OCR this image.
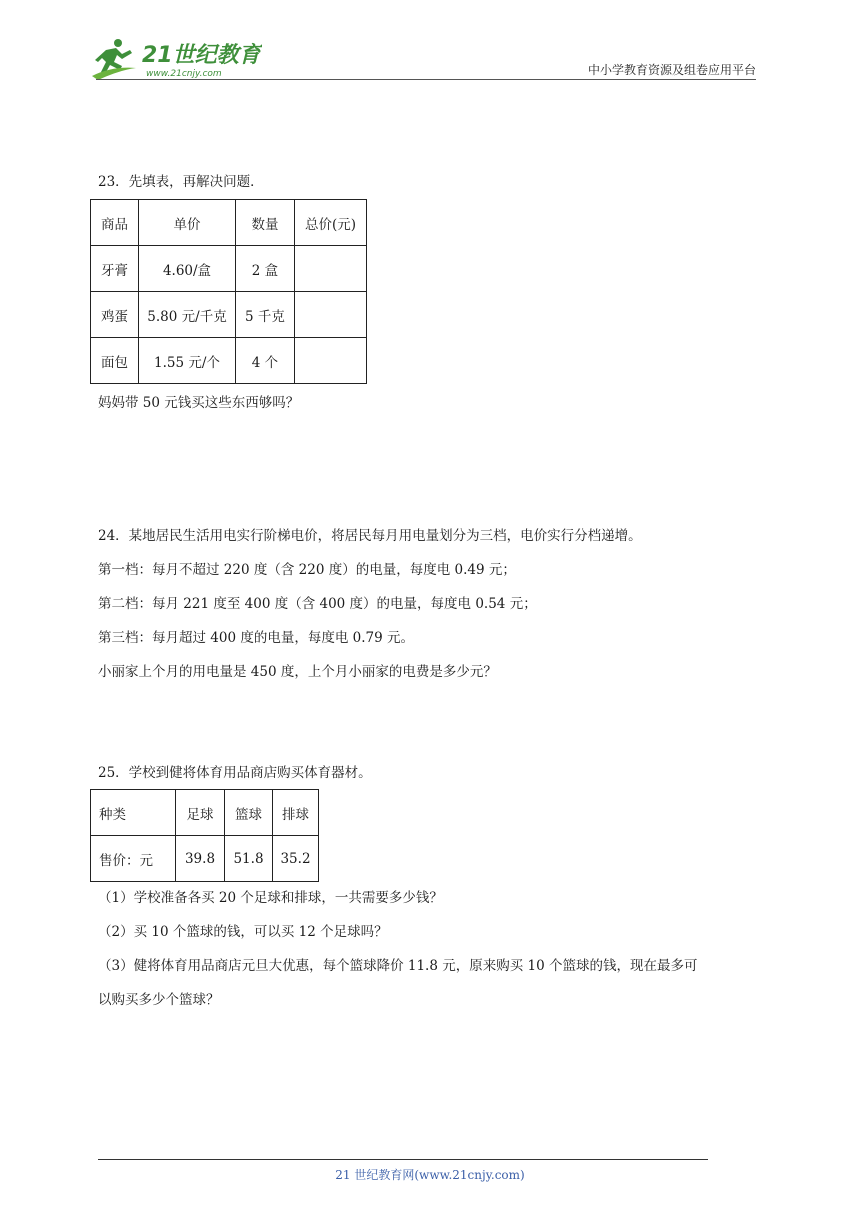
21世纪教育
www.21cnjy.com	中小学教育资源及组卷应用平台
23．先填表，再解决问题．
商品	单价	数量	总价(元)
牙膏	4.60/盒	2 盒	
鸡蛋	5.80 元/千克	5 千克	
面包	1.55 元/个	4 个	
妈妈带 50 元钱买这些东西够吗？
24．某地居民生活用电实行阶梯电价，将居民每月用电量划分为三档，电价实行分档递增。
第一档：每月不超过 220 度（含 220 度）的电量，每度电 0.49 元；
第二档：每月 221 度至 400 度（含 400 度）的电量，每度电 0.54 元；
第三档：每月超过 400 度的电量，每度电 0.79 元。
小丽家上个月的用电量是 450 度，上个月小丽家的电费是多少元？
25．学校到健将体育用品商店购买体育器材。
种类	足球	篮球	排球
售价：元	39.8	51.8	35.2
（1）学校准备各买 20 个足球和排球，一共需要多少钱？
（2）买 10 个篮球的钱，可以买 12 个足球吗？
（3）健将体育用品商店元旦大优惠，每个篮球降价 11.8 元，原来购买 10 个篮球的钱，现在最多可
以购买多少个篮球？
21 世纪教育网(www.21cnjy.com)
